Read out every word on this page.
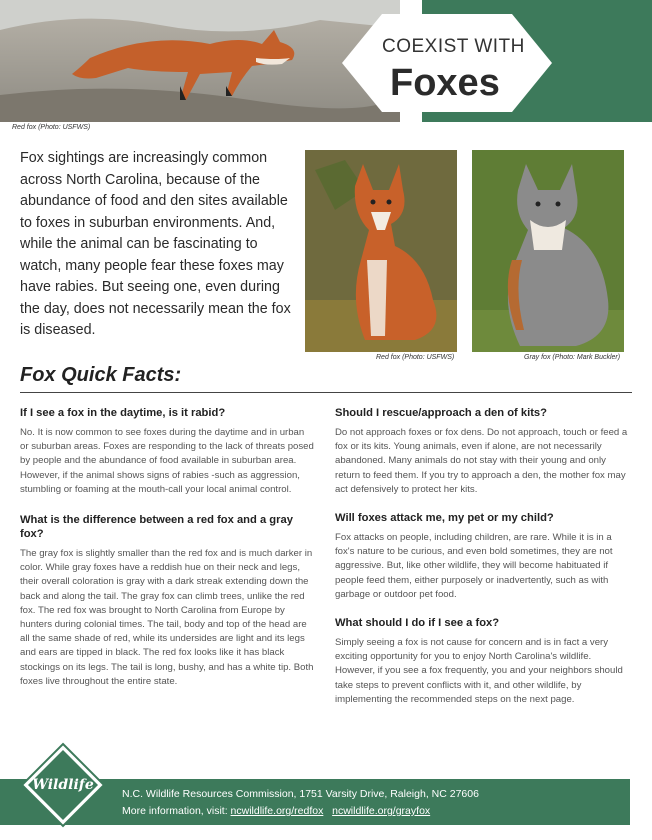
Red fox (Photo: USFWS)
COEXIST WITH
Foxes
Fox sightings are increasingly common across North Carolina, because of the abundance of food and den sites available to foxes in suburban environments. And, while the animal can be fascinating to watch, many people fear these foxes may have rabies. But seeing one, even during the day, does not necessarily mean the fox is diseased.
Red fox (Photo: USFWS)	Gray fox (Photo: Mark Buckler)
Fox Quick Facts:

If I see a fox in the daytime, is it rabid?

No. It is now common to see foxes during the daytime and in urban or suburban areas. Foxes are responding to the lack of threats posed by people and the abundance of food available in suburban area. However, if the animal shows signs of rabies -such as aggression, stumbling or foaming at the mouth-call your local animal control.

What is the difference between a red fox and a gray fox?

The gray fox is slightly smaller than the red fox and is much darker in color. While gray foxes have a reddish hue on their neck and legs, their overall coloration is gray with a dark streak extending down the back and along the tail. The gray fox can climb trees, unlike the red fox. The red fox was brought to North Carolina from Europe by hunters during colonial times. The tail, body and top of the head are all the same shade of red, while its undersides are light and its legs and ears are tipped in black. The red fox looks like it has black stockings on its legs. The tail is long, bushy, and has a white tip. Both foxes live throughout the entire state.

Should I rescue/approach a den of kits?

Do not approach foxes or fox dens. Do not approach, touch or feed a fox or its kits. Young animals, even if alone, are not necessarily abandoned. Many animals do not stay with their young and only return to feed them. If you try to approach a den, the mother fox may act defensively to protect her kits.

Will foxes attack me, my pet or my child?

Fox attacks on people, including children, are rare. While it is in a fox's nature to be curious, and even bold sometimes, they are not aggressive. But, like other wildlife, they will become habituated if people feed them, either purposely or inadvertently, such as with garbage or outdoor pet food.

What should I do if I see a fox?

Simply seeing a fox is not cause for concern and is in fact a very exciting opportunity for you to enjoy North Carolina's wildlife. However, if you see a fox frequently, you and your neighbors should take steps to prevent conflicts with it, and other wildlife, by implementing the recommended steps on the next page.

Wildlife
N.C. Wildlife Resources Commission, 1751 Varsity Drive, Raleigh, NC 27606
More information, visit: ncwildlife.org/redfox ncwildlife.org/grayfox
